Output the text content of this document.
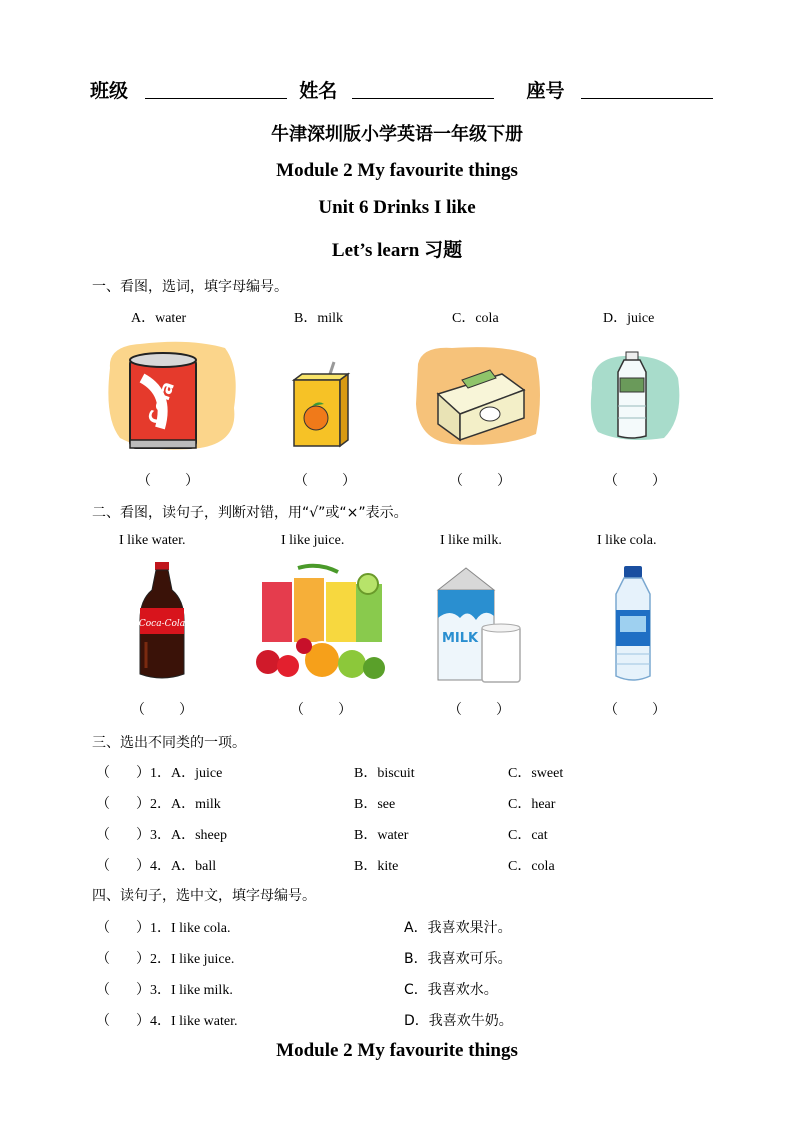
班级	姓名	座号
牛津深圳版小学英语一年级下册
Module 2 My favourite things
Unit 6 Drinks I like
Let’s learn 习题
一、看图，选词，填字母编号。
A．water	B．milk	C．cola	D．juice
Cola
（ ）	（ ）	（ ）	（ ）
二、看图，读句子，判断对错，用“√”或“×”表示。
I like water.	I like juice.	I like milk.	I like cola.
Coca-Cola
MILK
（ ）	（ ）	（ ）	（ ）
三、选出不同类的一项。
（ ）1．A．juice	B．biscuit	C．sweet
（ ）2．A．milk	B．see	C．hear
（ ）3．A．sheep	B．water	C．cat
（ ）4．A．ball	B．kite	C．cola
四、读句子，选中文，填字母编号。
（ ）1．I like cola.	A．我喜欢果汁。
（ ）2．I like juice.	B．我喜欢可乐。
（ ）3．I like milk.	C．我喜欢水。
（ ）4．I like water.	D．我喜欢牛奶。
Module 2 My favourite things
